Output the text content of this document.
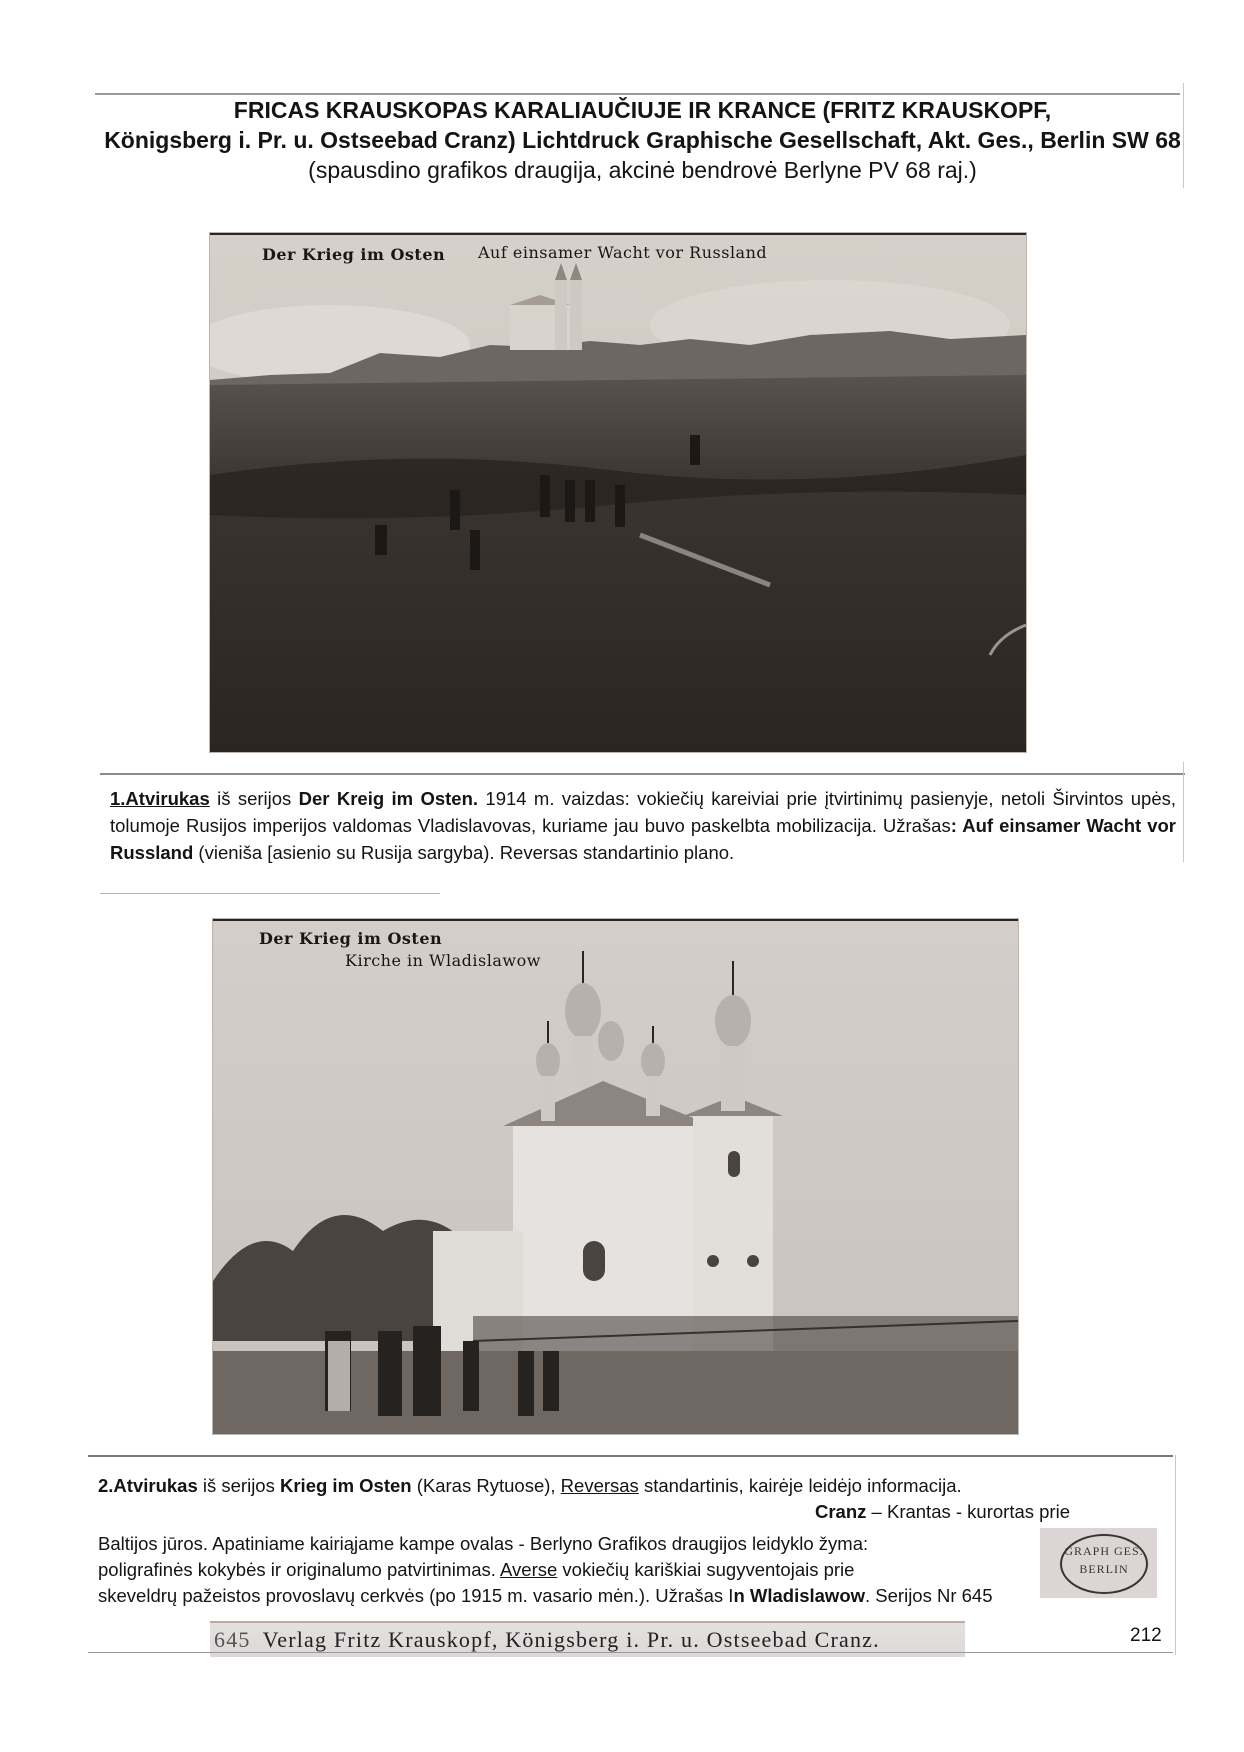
FRICAS KRAUSKOPAS KARALIAUČIUJE IR KRANCE (FRITZ KRAUSKOPF,
Königsberg i. Pr. u. Ostseebad Cranz) Lichtdruck Graphische Gesellschaft, Akt. Ges., Berlin SW 68
(spausdino grafikos draugija, akcinė bendrovė Berlyne PV 68 raj.)
Der Krieg im Osten Auf einsamer Wacht vor Russland
1.Atvirukas iš serijos Der Kreig im Osten. 1914 m. vaizdas: vokiečių kareiviai prie įtvirtinimų pasienyje, netoli Širvintos upės, tolumoje Rusijos imperijos valdomas Vladislavovas, kuriame jau buvo paskelbta mobilizacija. Užrašas: Auf einsamer Wacht vor Russland (vieniša [asienio su Rusija sargyba). Reversas standartinio plano.
Der Krieg im Osten
Kirche in Wladislawow
2.Atvirukas iš serijos Krieg im Osten (Karas Rytuose), Reversas standartinis, kairėje leidėjo informacija.
Cranz – Krantas - kurortas prie
Baltijos jūros. Apatiniame kairiąjame kampe ovalas - Berlyno Grafikos draugijos leidyklo žyma:
poligrafinės kokybės ir originalumo patvirtinimas. Averse vokiečių kariškiai sugyventojais prie
skeveldrų pažeistos provoslavų cerkvės (po 1915 m. vasario mėn.). Užrašas In Wladislawow. Serijos Nr 645
GRAPH GES.
BERLIN
645 Verlag Fritz Krauskopf, Königsberg i. Pr. u. Ostseebad Cranz.	212
